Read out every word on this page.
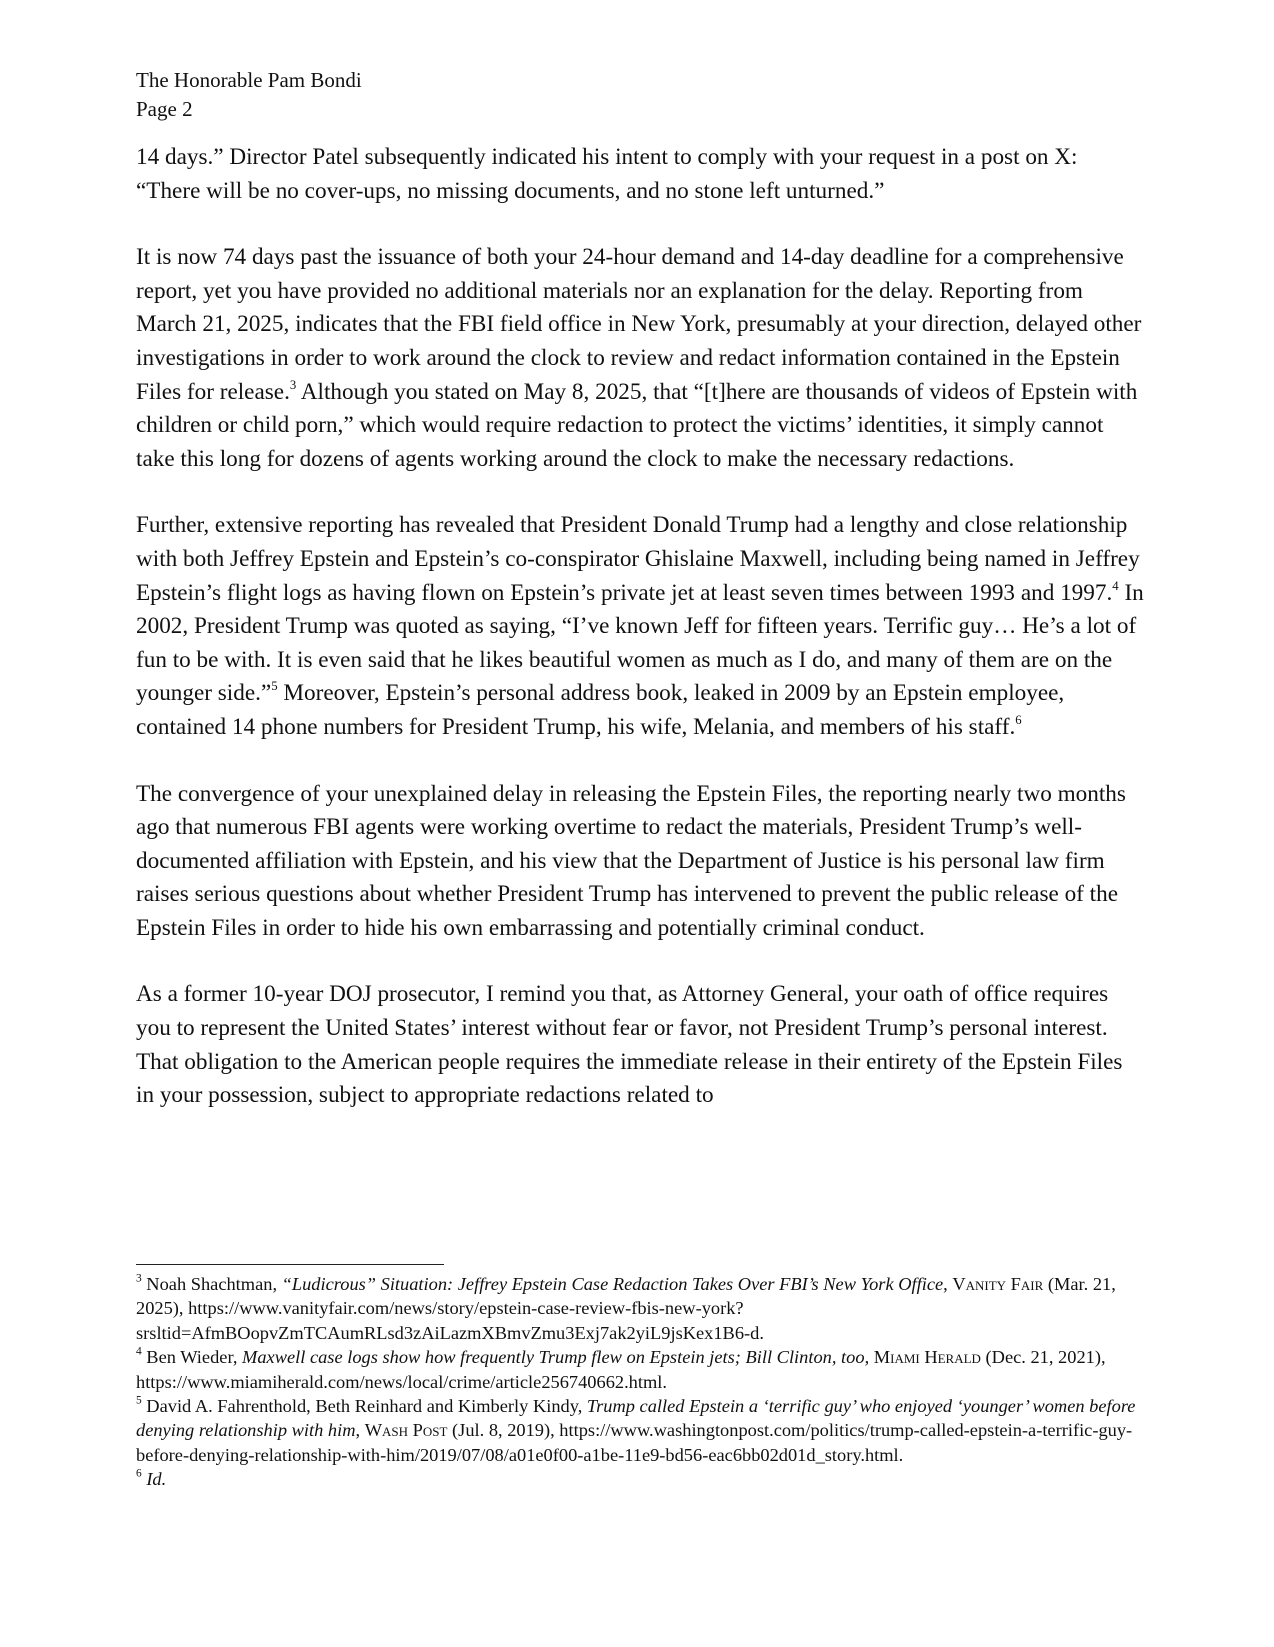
The Honorable Pam Bondi
Page 2

14 days.” Director Patel subsequently indicated his intent to comply with your request in a post on X: “There will be no cover-ups, no missing documents, and no stone left unturned.”

It is now 74 days past the issuance of both your 24-hour demand and 14-day deadline for a comprehensive report, yet you have provided no additional materials nor an explanation for the delay. Reporting from March 21, 2025, indicates that the FBI field office in New York, presumably at your direction, delayed other investigations in order to work around the clock to review and redact information contained in the Epstein Files for release.$^3$ Although you stated on May 8, 2025, that “[t]here are thousands of videos of Epstein with children or child porn,” which would require redaction to protect the victims’ identities, it simply cannot take this long for dozens of agents working around the clock to make the necessary redactions.

Further, extensive reporting has revealed that President Donald Trump had a lengthy and close relationship with both Jeffrey Epstein and Epstein’s co-conspirator Ghislaine Maxwell, including being named in Jeffrey Epstein’s flight logs as having flown on Epstein’s private jet at least seven times between 1993 and 1997.$^4$ In 2002, President Trump was quoted as saying, “I’ve known Jeff for fifteen years. Terrific guy… He’s a lot of fun to be with. It is even said that he likes beautiful women as much as I do, and many of them are on the younger side.”$^5$ Moreover, Epstein’s personal address book, leaked in 2009 by an Epstein employee, contained 14 phone numbers for President Trump, his wife, Melania, and members of his staff.$^6$

The convergence of your unexplained delay in releasing the Epstein Files, the reporting nearly two months ago that numerous FBI agents were working overtime to redact the materials, President Trump’s well-documented affiliation with Epstein, and his view that the Department of Justice is his personal law firm raises serious questions about whether President Trump has intervened to prevent the public release of the Epstein Files in order to hide his own embarrassing and potentially criminal conduct.

As a former 10-year DOJ prosecutor, I remind you that, as Attorney General, your oath of office requires you to represent the United States’ interest without fear or favor, not President Trump’s personal interest. That obligation to the American people requires the immediate release in their entirety of the Epstein Files in your possession, subject to appropriate redactions related to

$^3$ Noah Shachtman, “Ludicrous” Situation: Jeffrey Epstein Case Redaction Takes Over FBI’s New York Office, Vanity Fair (Mar. 21, 2025), https://www.vanityfair.com/news/story/epstein-case-review-fbis-new-york?srsltid=AfmBOopvZmTCAumRLsd3zAiLazmXBmvZmu3Exj7ak2yiL9jsKex1B6-d.

$^4$ Ben Wieder, Maxwell case logs show how frequently Trump flew on Epstein jets; Bill Clinton, too, Miami Herald (Dec. 21, 2021), https://www.miamiherald.com/news/local/crime/article256740662.html.

$^5$ David A. Fahrenthold, Beth Reinhard and Kimberly Kindy, Trump called Epstein a ‘terrific guy’ who enjoyed ‘younger’ women before denying relationship with him, Wash Post (Jul. 8, 2019), https://www.washingtonpost.com/politics/trump-called-epstein-a-terrific-guy-before-denying-relationship-with-him/2019/07/08/a01e0f00-a1be-11e9-bd56-eac6bb02d01d_story.html.

$^6$ Id.
